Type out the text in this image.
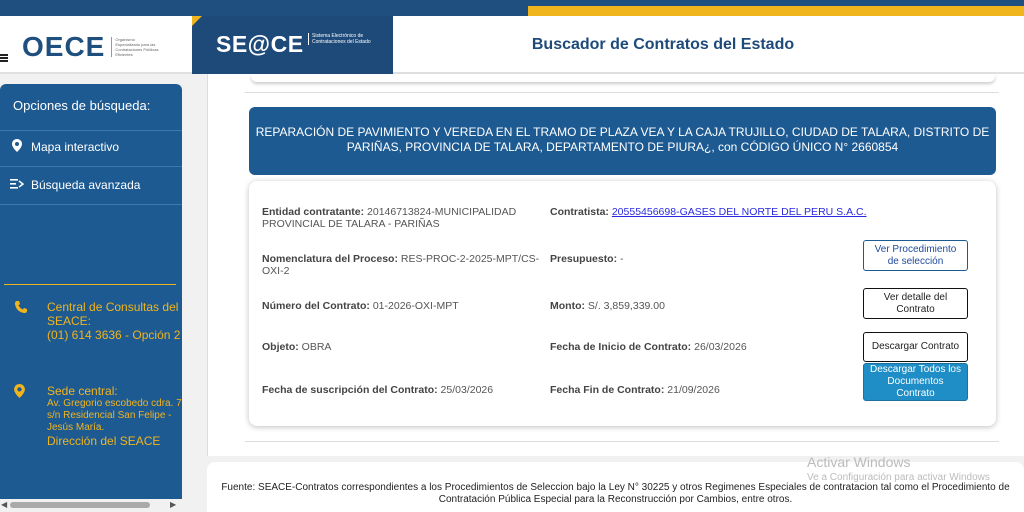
OECE	Organismo Especializado para las Contrataciones Públicas Eficientes	SE@CE	Sistema Electrónico de Contrataciones del Estado	Buscador de Contratos del Estado
Opciones de búsqueda:
Mapa interactivo
Búsqueda avanzada
Central de Consultas del SEACE:
(01) 614 3636 - Opción 2
Sede central:
Av. Gregorio escobedo cdra. 7 s/n Residencial San Felipe - Jesús María.
Dirección del SEACE
◀	▶
REPARACIÓN DE PAVIMIENTO Y VEREDA EN EL TRAMO DE PLAZA VEA Y LA CAJA TRUJILLO, CIUDAD DE TALARA, DISTRITO DE PARIÑAS, PROVINCIA DE TALARA, DEPARTAMENTO DE PIURA¿, con CÓDIGO ÚNICO N° 2660854
Entidad contratante: 20146713824-MUNICIPALIDAD PROVINCIAL DE TALARA - PARIÑAS
Contratista: 20555456698-GASES DEL NORTE DEL PERU S.A.C.
Nomenclatura del Proceso: RES-PROC-2-2025-MPT/CS-OXI-2
Presupuesto: -
Número del Contrato: 01-2026-OXI-MPT	Monto: S/. 3,859,339.00
Objeto: OBRA	Fecha de Inicio de Contrato: 26/03/2026
Fecha de suscripción del Contrato: 25/03/2026	Fecha Fin de Contrato: 21/09/2026
Ver Procedimiento de selección
Ver detalle del Contrato
Descargar Contrato
Descargar Todos los Documentos Contrato
Fuente: SEACE-Contratos correspondientes a los Procedimientos de Seleccion bajo la Ley N° 30225 y otros Regimenes Especiales de contratacion tal como el Procedimiento de Contratación Pública Especial para la Reconstrucción por Cambios, entre otros.
Activar Windows
Ve a Configuración para activar Windows
